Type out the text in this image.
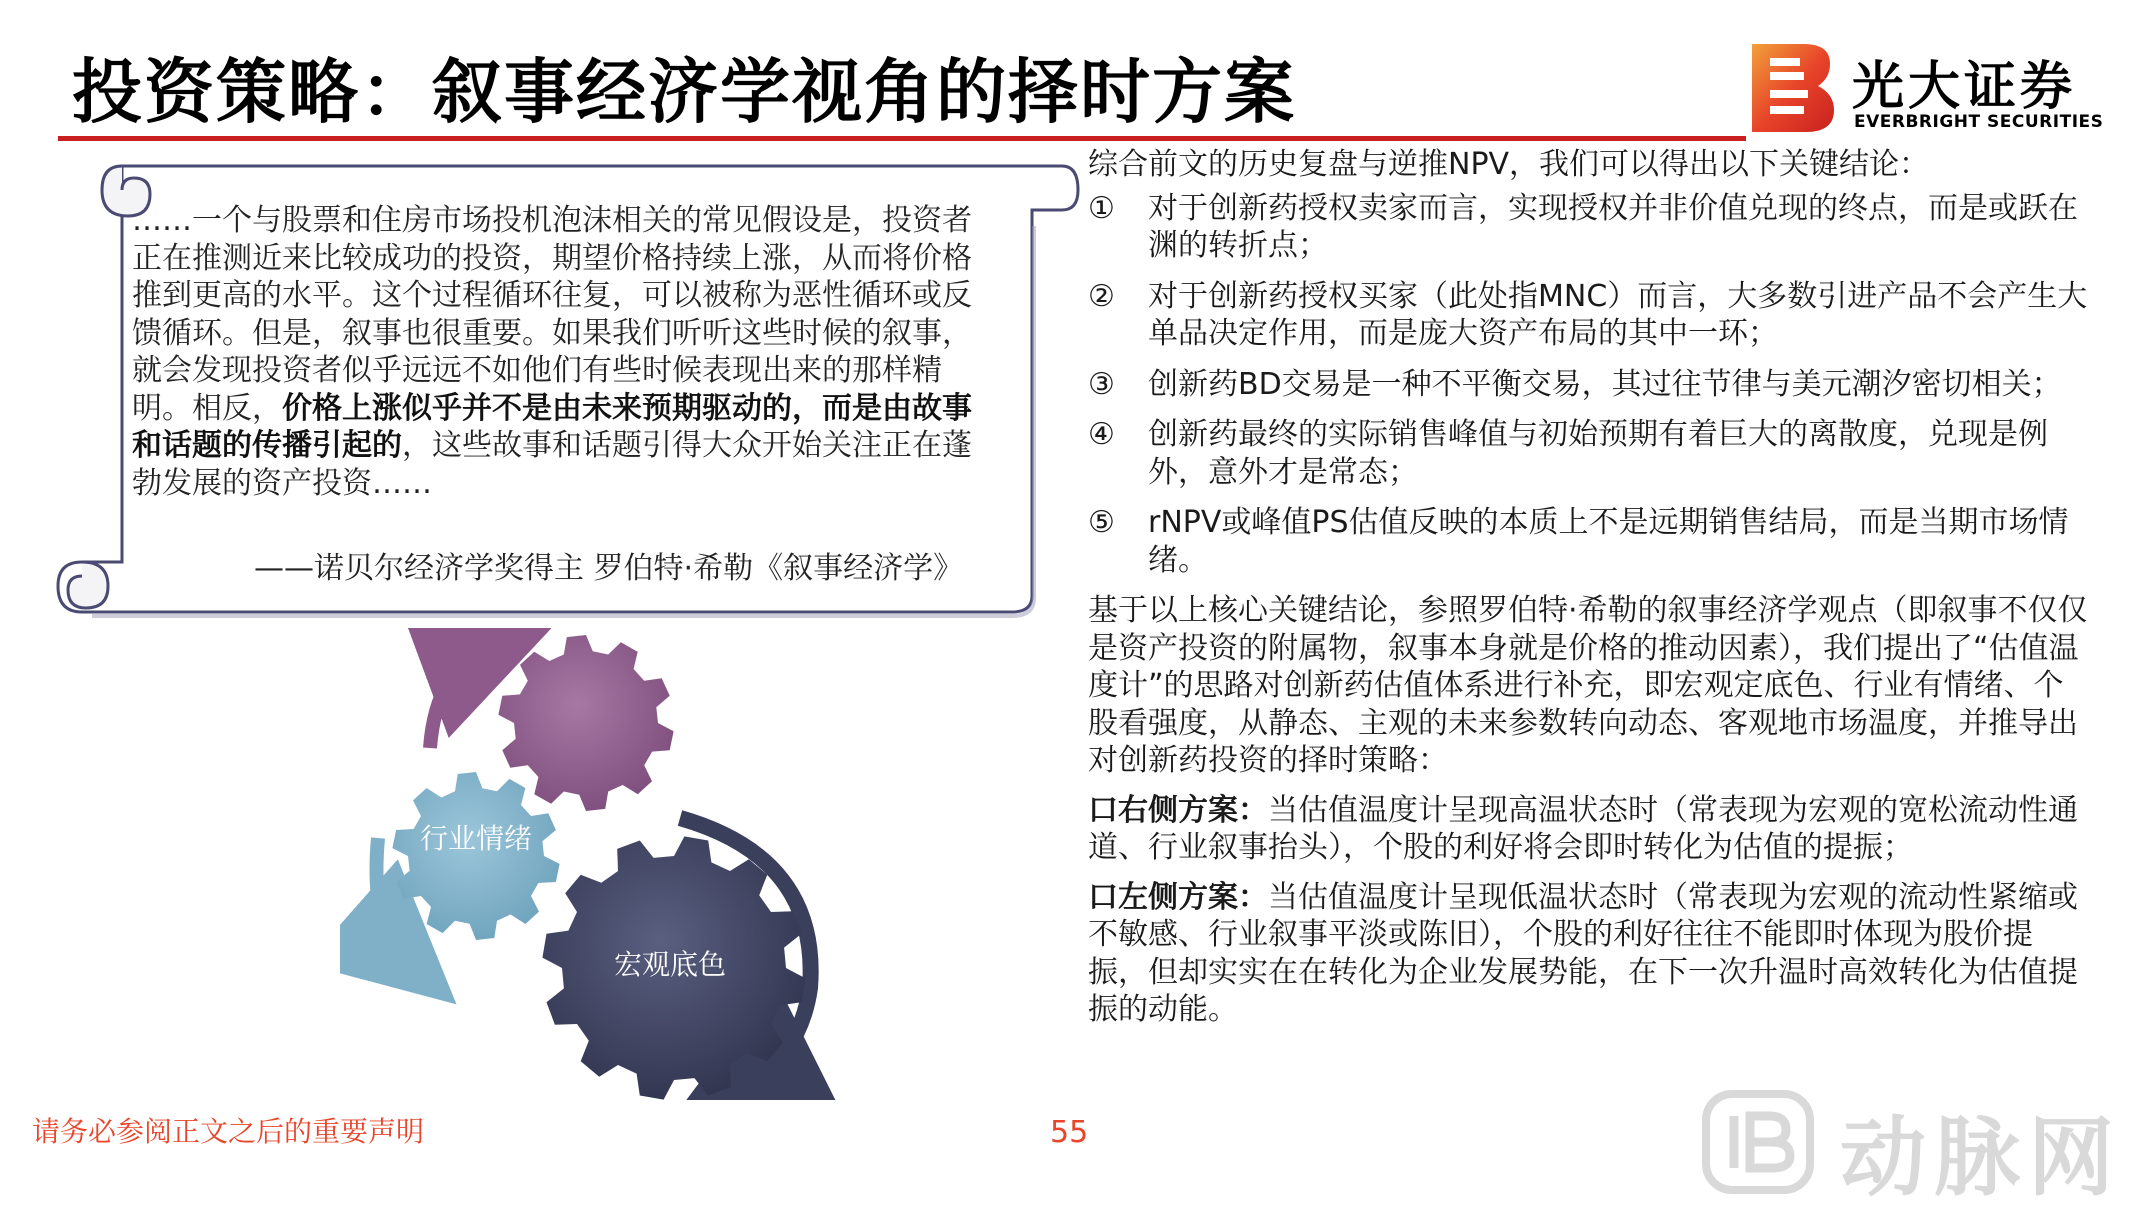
投资策略：叙事经济学视角的择时方案	光大证券
EVERBRIGHT SECURITIES
……一个与股票和住房市场投机泡沫相关的常见假设是，投资者正在推测近来比较成功的投资，期望价格持续上涨，从而将价格推到更高的水平。这个过程循环往复，可以被称为恶性循环或反馈循环。但是，叙事也很重要。如果我们听听这些时候的叙事，就会发现投资者似乎远远不如他们有些时候表现出来的那样精明。相反，价格上涨似乎并不是由未来预期驱动的，而是由故事和话题的传播引起的，这些故事和话题引得大众开始关注正在蓬勃发展的资产投资……
——诺贝尔经济学奖得主 罗伯特·希勒《叙事经济学》
个股强度
行业情绪
宏观底色

综合前文的历史复盘与逆推NPV，我们可以得出以下关键结论：

① 对于创新药授权卖家而言，实现授权并非价值兑现的终点，而是或跃在渊的转折点；

② 对于创新药授权买家（此处指MNC）而言，大多数引进产品不会产生大单品决定作用，而是庞大资产布局的其中一环；

③ 创新药BD交易是一种不平衡交易，其过往节律与美元潮汐密切相关；

④ 创新药最终的实际销售峰值与初始预期有着巨大的离散度，兑现是例外，意外才是常态；

⑤ rNPV或峰值PS估值反映的本质上不是远期销售结局，而是当期市场情绪。

基于以上核心关键结论，参照罗伯特·希勒的叙事经济学观点（即叙事不仅仅是资产投资的附属物，叙事本身就是价格的推动因素），我们提出了“估值温度计”的思路对创新药估值体系进行补充，即宏观定底色、行业有情绪、个股看强度，从静态、主观的未来参数转向动态、客观地市场温度，并推导出对创新药投资的择时策略：

口右侧方案：当估值温度计呈现高温状态时（常表现为宏观的宽松流动性通道、行业叙事抬头），个股的利好将会即时转化为估值的提振；

口左侧方案：当估值温度计呈现低温状态时（常表现为宏观的流动性紧缩或不敏感、行业叙事平淡或陈旧），个股的利好往往不能即时体现为股价提振，但却实实在在转化为企业发展势能，在下一次升温时高效转化为估值提振的动能。

请务必参阅正文之后的重要声明	55	动脉网
